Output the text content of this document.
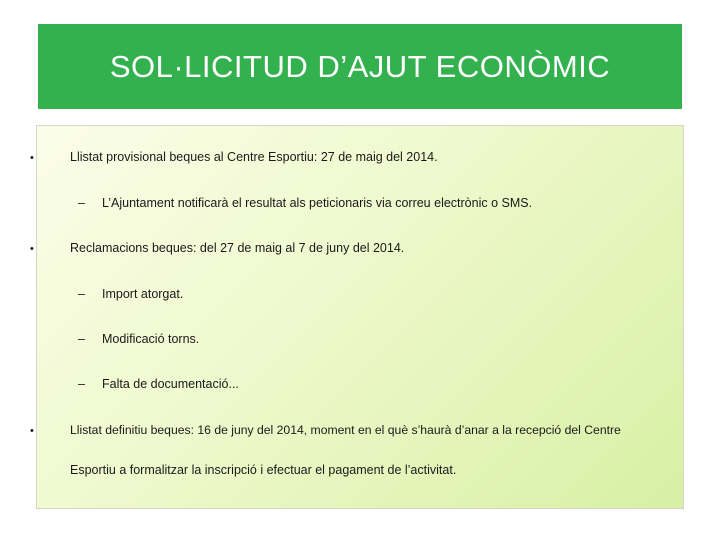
SOL·LICITUD D’AJUT ECONÒMIC
•	Llistat provisional beques al Centre Esportiu: 27 de maig del 2014.
– L’Ajuntament notificarà el resultat als peticionaris via correu electrònic o SMS.
•	Reclamacions beques: del 27 de maig al 7 de juny del 2014.
– Import atorgat.
– Modificació torns.
– Falta de documentació...
•	Llistat definitiu beques: 16 de juny del 2014, moment en el què s’haurà d’anar a la recepció del Centre
Esportiu a formalitzar la inscripció i efectuar el pagament de l’activitat.
